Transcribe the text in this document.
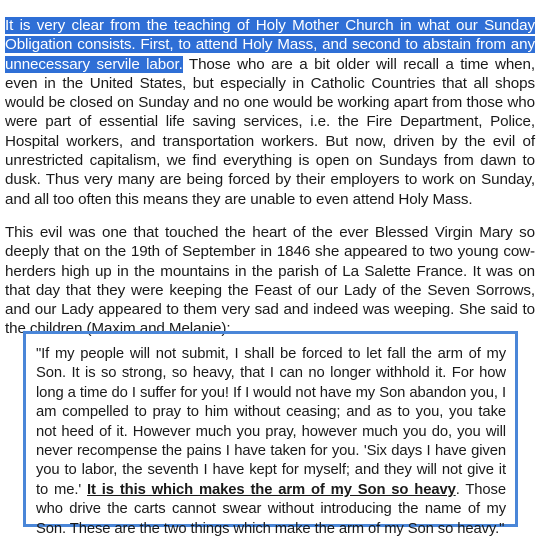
It is very clear from the teaching of Holy Mother Church in what our Sunday Obligation consists. First, to attend Holy Mass, and second to abstain from any unnecessary servile labor. Those who are a bit older will recall a time when, even in the United States, but especially in Catholic Countries that all shops would be closed on Sunday and no one would be working apart from those who were part of essential life saving services, i.e. the Fire Department, Police, Hospital workers, and transportation workers. But now, driven by the evil of unrestricted capitalism, we find everything is open on Sundays from dawn to dusk. Thus very many are being forced by their employers to work on Sunday, and all too often this means they are unable to even attend Holy Mass.

This evil was one that touched the heart of the ever Blessed Virgin Mary so deeply that on the 19th of September in 1846 she appeared to two young cow-herders high up in the mountains in the parish of La Salette France. It was on that day that they were keeping the Feast of our Lady of the Seven Sorrows, and our Lady appeared to them very sad and indeed was weeping. She said to the children (Maxim and Melanie):

"If my people will not submit, I shall be forced to let fall the arm of my Son. It is so strong, so heavy, that I can no longer withhold it. For how long a time do I suffer for you! If I would not have my Son abandon you, I am compelled to pray to him without ceasing; and as to you, you take not heed of it. However much you pray, however much you do, you will never recompense the pains I have taken for you. 'Six days I have given you to labor, the seventh I have kept for myself; and they will not give it to me.' It is this which makes the arm of my Son so heavy. Those who drive the carts cannot swear without introducing the name of my Son. These are the two things which make the arm of my Son so heavy."
